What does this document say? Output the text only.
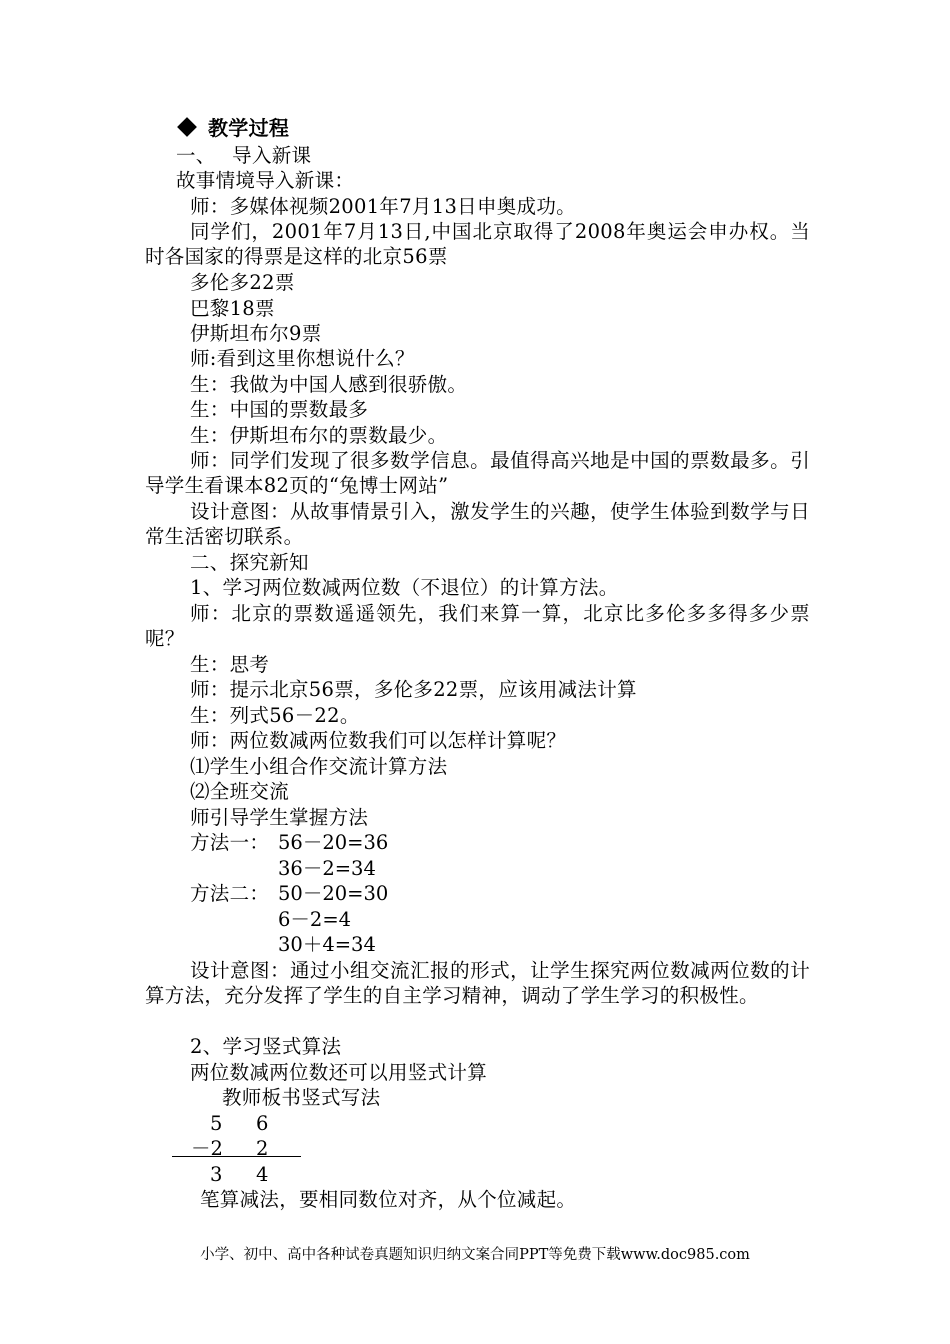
教学过程
一、　 导入新课
故事情境导入新课：
师：多媒体视频2001年7月13日申奥成功。
同学们，2001年7月13日,中国北京取得了2008年奥运会申办权。当时各国家的得票是这样的北京56票
多伦多22票
巴黎18票
伊斯坦布尔9票
师:看到这里你想说什么？
生：我做为中国人感到很骄傲。
生：中国的票数最多
生：伊斯坦布尔的票数最少。
师：同学们发现了很多数学信息。最值得高兴地是中国的票数最多。引导学生看课本82页的“兔博士网站”
设计意图：从故事情景引入，激发学生的兴趣，使学生体验到数学与日常生活密切联系。
二、探究新知
1、学习两位数减两位数（不退位）的计算方法。
师：北京的票数遥遥领先，我们来算一算，北京比多伦多多得多少票呢？
生：思考
师：提示北京56票，多伦多22票，应该用减法计算
生：列式56－22。
师：两位数减两位数我们可以怎样计算呢？
⑴学生小组合作交流计算方法
⑵全班交流
师引导学生掌握方法
方法一： 56－20=36
36－2=34
方法二： 50－20=30
6－2=4
30＋4=34
设计意图：通过小组交流汇报的形式，让学生探究两位数减两位数的计算方法，充分发挥了学生的自主学习精神，调动了学生学习的积极性。
2、学习竖式算法
两位数减两位数还可以用竖式计算
教师板书竖式写法
5 6
－2 2
3 4
笔算减法，要相同数位对齐，从个位减起。
小学、初中、高中各种试卷真题知识归纳文案合同PPT等免费下载www.doc985.com
